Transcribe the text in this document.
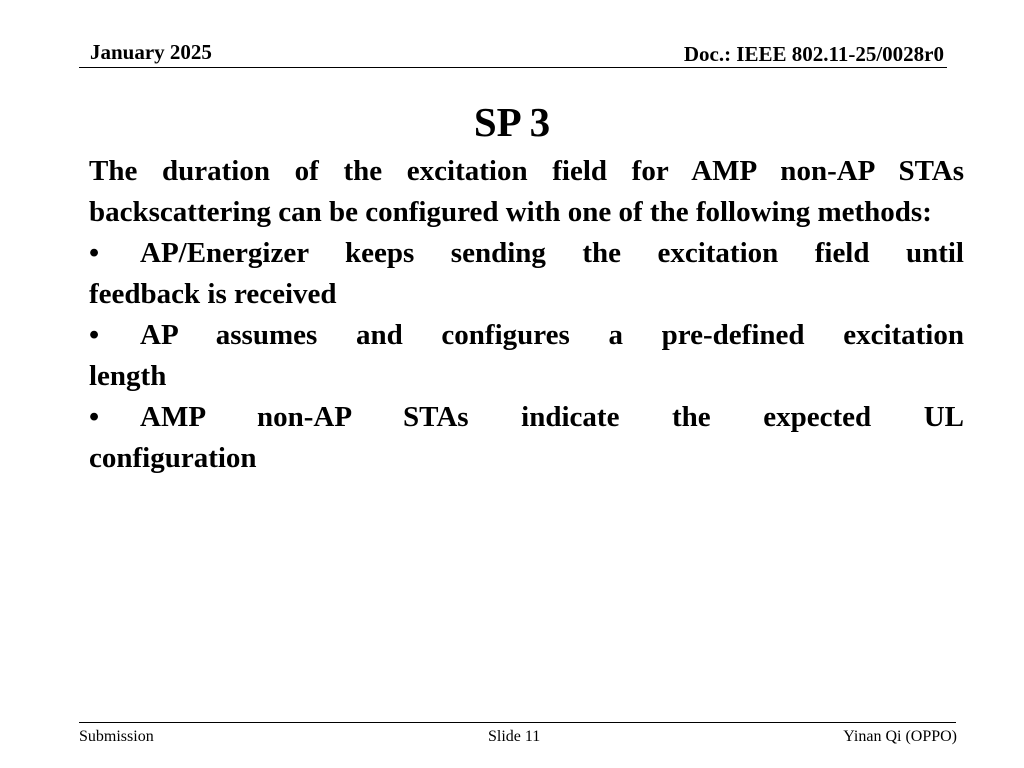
January 2025	Doc.: IEEE 802.11-25/0028r0
SP 3

The duration of the excitation field for AMP non-AP STAs backscattering can be configured with one of the following methods:

• AP/Energizer keeps sending the excitation field until
feedback is received

• AP assumes and configures a pre-defined excitation
length

• AMP non-AP STAs indicate the expected UL
configuration

Submission	Slide 11	Yinan Qi (OPPO)
